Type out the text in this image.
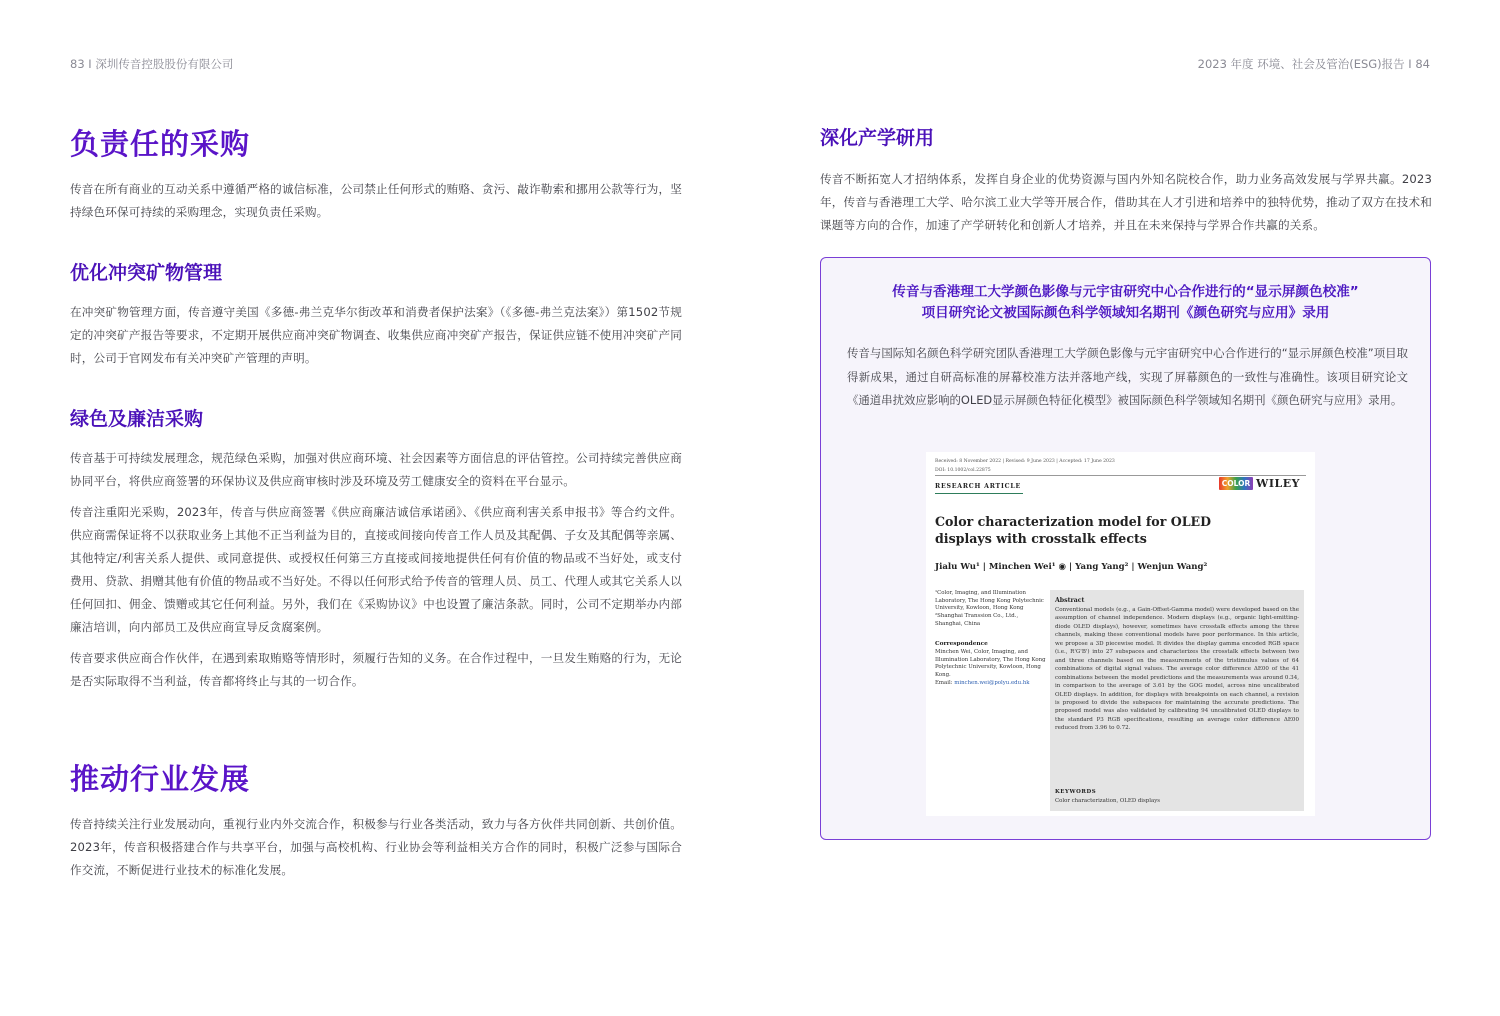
83 I 深圳传音控股股份有限公司	2023 年度 环境、社会及管治(ESG)报告 I 84
负责任的采购

传音在所有商业的互动关系中遵循严格的诚信标准，公司禁止任何形式的贿赂、贪污、敲诈勒索和挪用公款等行为，坚持绿色环保可持续的采购理念，实现负责任采购。

优化冲突矿物管理

在冲突矿物管理方面，传音遵守美国《多德-弗兰克华尔街改革和消费者保护法案》（《多德-弗兰克法案》）第1502节规定的冲突矿产报告等要求，不定期开展供应商冲突矿物调查、收集供应商冲突矿产报告，保证供应链不使用冲突矿产同时，公司于官网发布有关冲突矿产管理的声明。

绿色及廉洁采购

传音基于可持续发展理念，规范绿色采购，加强对供应商环境、社会因素等方面信息的评估管控。公司持续完善供应商协同平台，将供应商签署的环保协议及供应商审核时涉及环境及劳工健康安全的资料在平台显示。

传音注重阳光采购，2023年，传音与供应商签署《供应商廉洁诚信承诺函》、《供应商利害关系申报书》等合约文件。供应商需保证将不以获取业务上其他不正当利益为目的，直接或间接向传音工作人员及其配偶、子女及其配偶等亲属、其他特定/利害关系人提供、或同意提供、或授权任何第三方直接或间接地提供任何有价值的物品或不当好处，或支付费用、贷款、捐赠其他有价值的物品或不当好处。不得以任何形式给予传音的管理人员、员工、代理人或其它关系人以任何回扣、佣金、馈赠或其它任何利益。另外，我们在《采购协议》中也设置了廉洁条款。同时，公司不定期举办内部廉洁培训，向内部员工及供应商宣导反贪腐案例。

传音要求供应商合作伙伴，在遇到索取贿赂等情形时，须履行告知的义务。在合作过程中，一旦发生贿赂的行为，无论是否实际取得不当利益，传音都将终止与其的一切合作。

推动行业发展

传音持续关注行业发展动向，重视行业内外交流合作，积极参与行业各类活动，致力与各方伙伴共同创新、共创价值。2023年，传音积极搭建合作与共享平台，加强与高校机构、行业协会等利益相关方合作的同时，积极广泛参与国际合作交流，不断促进行业技术的标准化发展。

深化产学研用

传音不断拓宽人才招纳体系，发挥自身企业的优势资源与国内外知名院校合作，助力业务高效发展与学界共赢。2023年，传音与香港理工大学、哈尔滨工业大学等开展合作，借助其在人才引进和培养中的独特优势，推动了双方在技术和课题等方向的合作，加速了产学研转化和创新人才培养，并且在未来保持与学界合作共赢的关系。

传音与香港理工大学颜色影像与元宇宙研究中心合作进行的“显示屏颜色校准”
项目研究论文被国际颜色科学领域知名期刊《颜色研究与应用》录用

传音与国际知名颜色科学研究团队香港理工大学颜色影像与元宇宙研究中心合作进行的“显示屏颜色校准”项目取得新成果，通过自研高标准的屏幕校准方法并落地产线，实现了屏幕颜色的一致性与准确性。该项目研究论文《通道串扰效应影响的OLED显示屏颜色特征化模型》被国际颜色科学领域知名期刊《颜色研究与应用》录用。

Received: 8 November 2022 | Revised: 9 June 2023 | Accepted: 17 June 2023
DOI: 10.1002/col.22875
RESEARCH ARTICLE	COLOR WILEY
Color characterization model for OLED displays with crosstalk effects
Jialu Wu¹ | Minchen Wei¹ ◉ | Yang Yang² | Wenjun Wang²
¹Color, Imaging, and Illumination Laboratory, The Hong Kong Polytechnic University, Kowloon, Hong Kong ²Shanghai Transsion Co., Ltd., Shanghai, China
Correspondence
Minchen Wei, Color, Imaging, and Illumination Laboratory, The Hong Kong Polytechnic University, Kowloon, Hong Kong.
Email: minchen.wei@polyu.edu.hk
Abstract
Conventional models (e.g., a Gain-Offset-Gamma model) were developed based on the assumption of channel independence. Modern displays (e.g., organic light-emitting-diode OLED displays), however, sometimes have crosstalk effects among the three channels, making these conventional models have poor performance. In this article, we propose a 3D piecewise model. It divides the display gamma encoded RGB space (i.e., R'G'B') into 27 subspaces and characterizes the crosstalk effects between two and three channels based on the measurements of the tristimulus values of 64 combinations of digital signal values. The average color difference ΔE00 of the 41 combinations between the model predictions and the measurements was around 0.34, in comparison to the average of 3.61 by the GOG model, across nine uncalibrated OLED displays. In addition, for displays with breakpoints on each channel, a revision is proposed to divide the subspaces for maintaining the accurate predictions. The proposed model was also validated by calibrating 94 uncalibrated OLED displays to the standard P3 RGB specifications, resulting an average color difference ΔE00 reduced from 3.96 to 0.72.
KEYWORDS
Color characterization, OLED displays
